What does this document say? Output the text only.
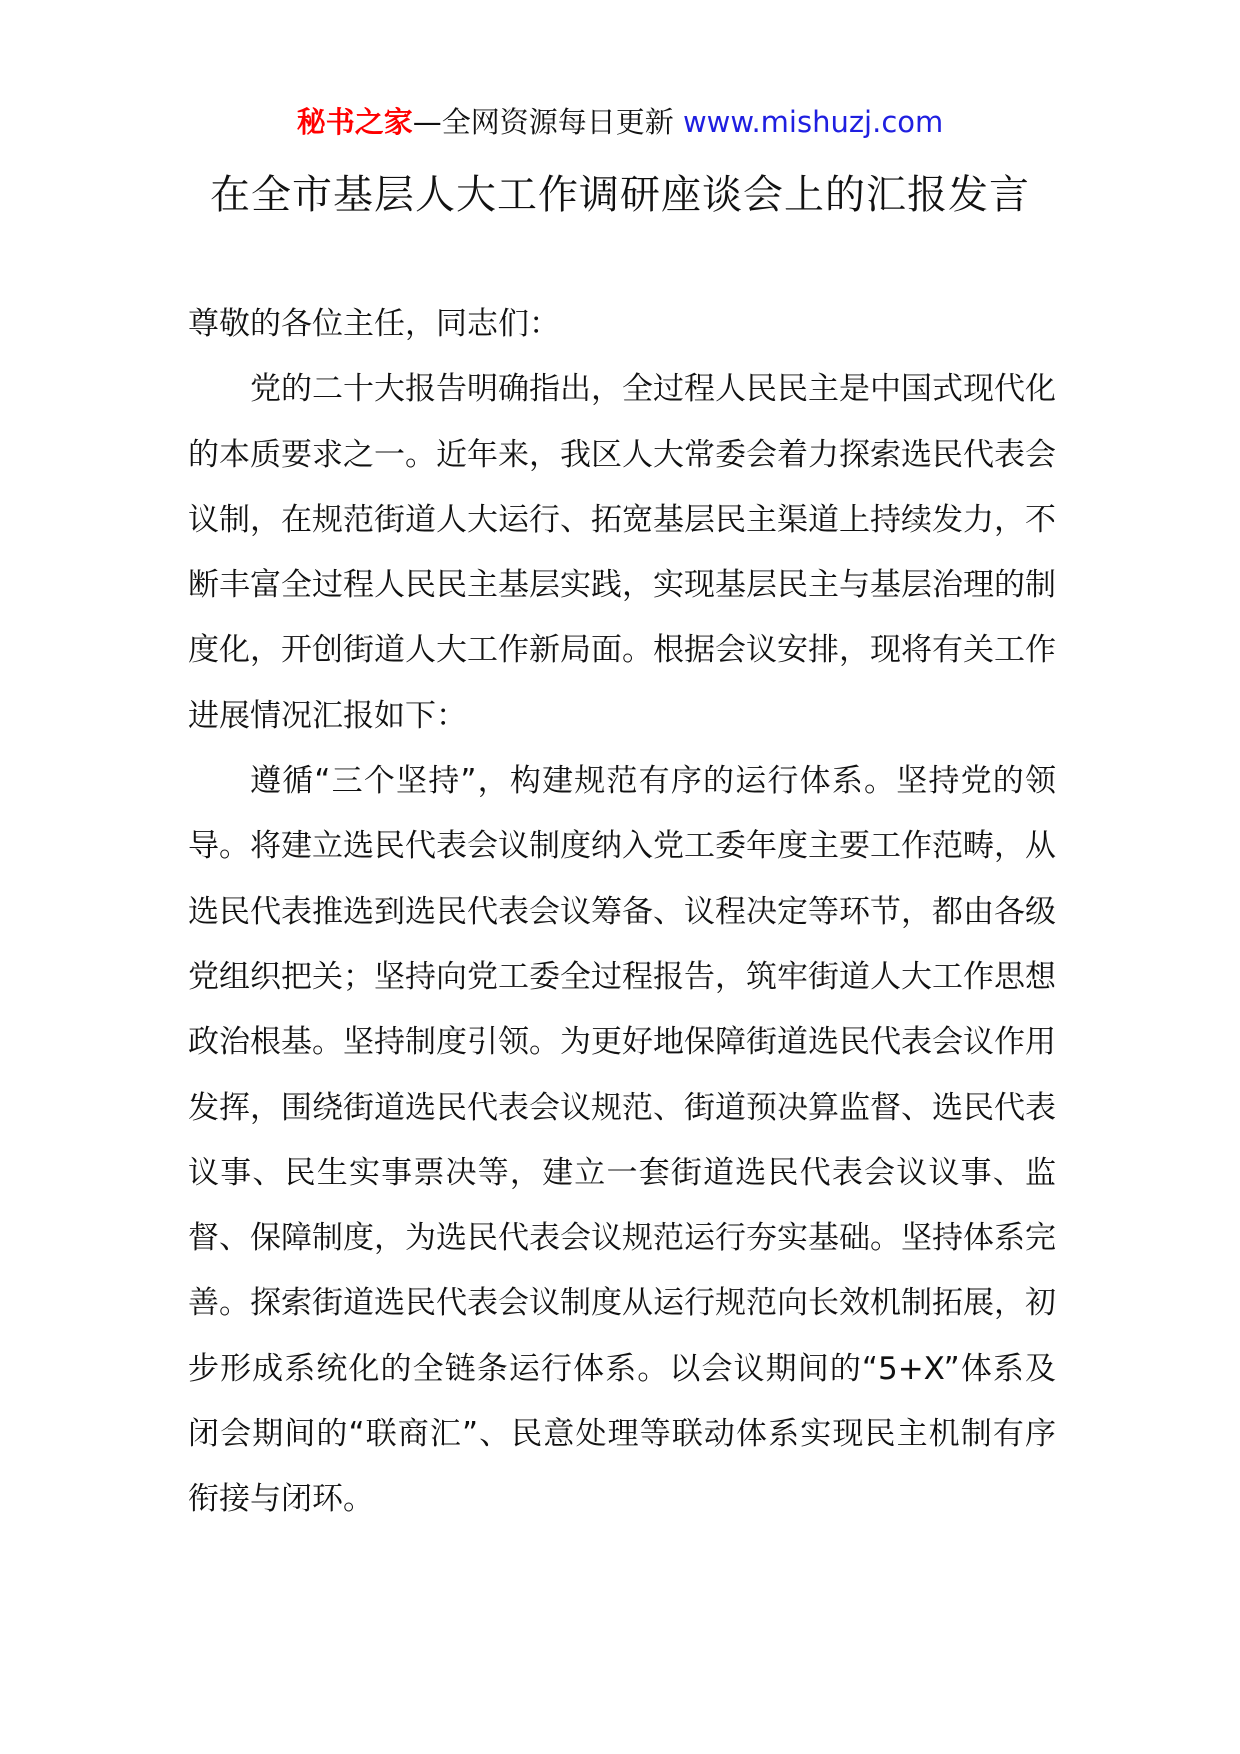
秘书之家—全网资源每日更新 www.mishuzj.com
在全市基层人大工作调研座谈会上的汇报发言

尊敬的各位主任，同志们：

党的二十大报告明确指出，全过程人民民主是中国式现代化的本质要求之一。近年来，我区人大常委会着力探索选民代表会议制，在规范街道人大运行、拓宽基层民主渠道上持续发力，不断丰富全过程人民民主基层实践，实现基层民主与基层治理的制度化，开创街道人大工作新局面。根据会议安排，现将有关工作进展情况汇报如下：

遵循“三个坚持”，构建规范有序的运行体系。坚持党的领导。将建立选民代表会议制度纳入党工委年度主要工作范畴，从选民代表推选到选民代表会议筹备、议程决定等环节，都由各级党组织把关；坚持向党工委全过程报告，筑牢街道人大工作思想政治根基。坚持制度引领。为更好地保障街道选民代表会议作用发挥，围绕街道选民代表会议规范、街道预决算监督、选民代表议事、民生实事票决等，建立一套街道选民代表会议议事、监督、保障制度，为选民代表会议规范运行夯实基础。坚持体系完善。探索街道选民代表会议制度从运行规范向长效机制拓展，初步形成系统化的全链条运行体系。以会议期间的“5+X”体系及闭会期间的“联商汇”、民意处理等联动体系实现民主机制有序衔接与闭环。
